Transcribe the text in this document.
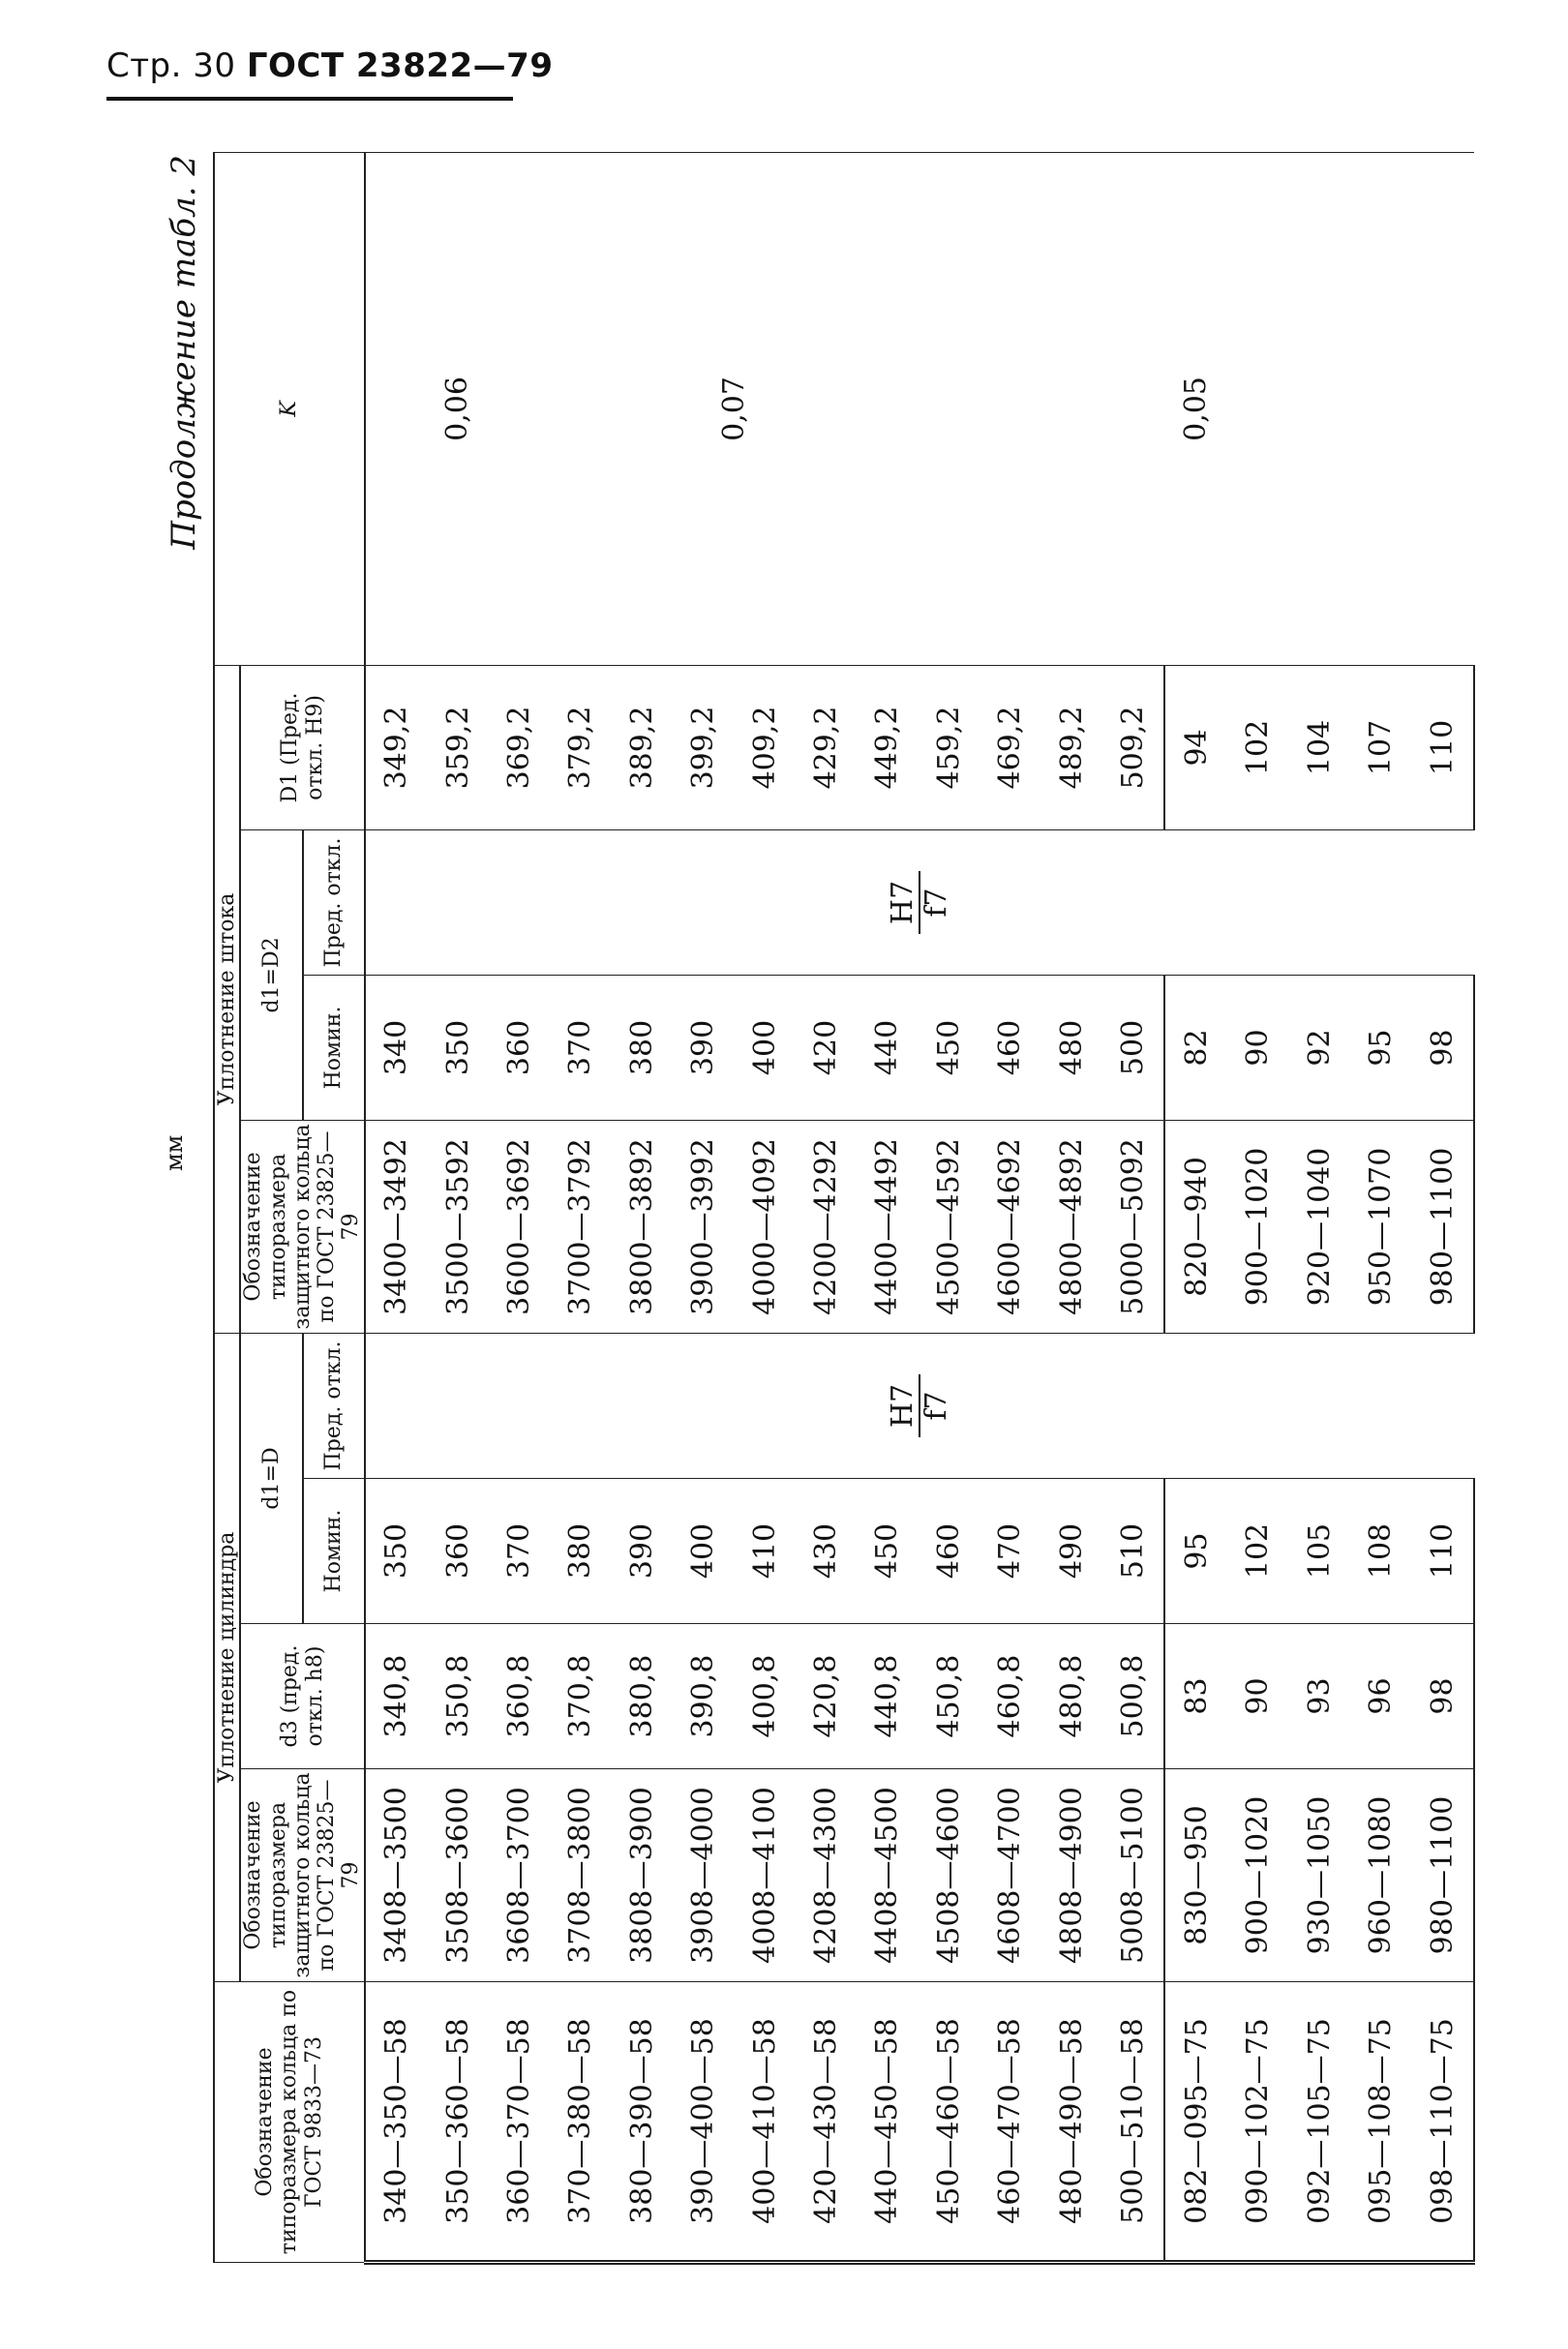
Стр. 30 ГОСТ 23822—79
Продолжение табл. 2
мм
Обозначение типоразмера кольца по ГОСТ 9833—73	Уплотнение цилиндра				Уплотнение штока				K
	Обозначение типоразмера защитного кольца по ГОСТ 23825—79	d3 (пред. откл. h8)	d1=D		Обозначение типоразмера защитного кольца по ГОСТ 23825—79	d1=D2		D1 (Пред. откл. H9)	
			Номин.	Пред. откл.		Номин.	Пред. откл.		
340—350—58	3408—3500	340,8	350	H7 f7	3400—3492	340	H7 f7	349,2	0,06
350—360—58	3508—3600	350,8	360		3500—3592	350		359,2	
360—370—58	3608—3700	360,8	370		3600—3692	360		369,2	
370—380—58	3708—3800	370,8	380		3700—3792	370		379,2	0,07
380—390—58	3808—3900	380,8	390		3800—3892	380		389,2	
390—400—58	3908—4000	390,8	400		3900—3992	390		399,2	
400—410—58	4008—4100	400,8	410		4000—4092	400		409,2	
420—430—58	4208—4300	420,8	430		4200—4292	420		429,2	
440—450—58	4408—4500	440,8	450		4400—4492	440		449,2	
450—460—58	4508—4600	450,8	460		4500—4592	450		459,2	0,05
460—470—58	4608—4700	460,8	470		4600—4692	460		469,2	
480—490—58	4808—4900	480,8	490		4800—4892	480		489,2	
500—510—58	5008—5100	500,8	510		5000—5092	500		509,2	
082—095—75	830—950	83	95		820—940	82		94	
090—102—75	900—1020	90	102		900—1020	90		102	
092—105—75	930—1050	93	105		920—1040	92		104	
095—108—75	960—1080	96	108		950—1070	95		107	
098—110—75	980—1100	98	110		980—1100	98		110	
